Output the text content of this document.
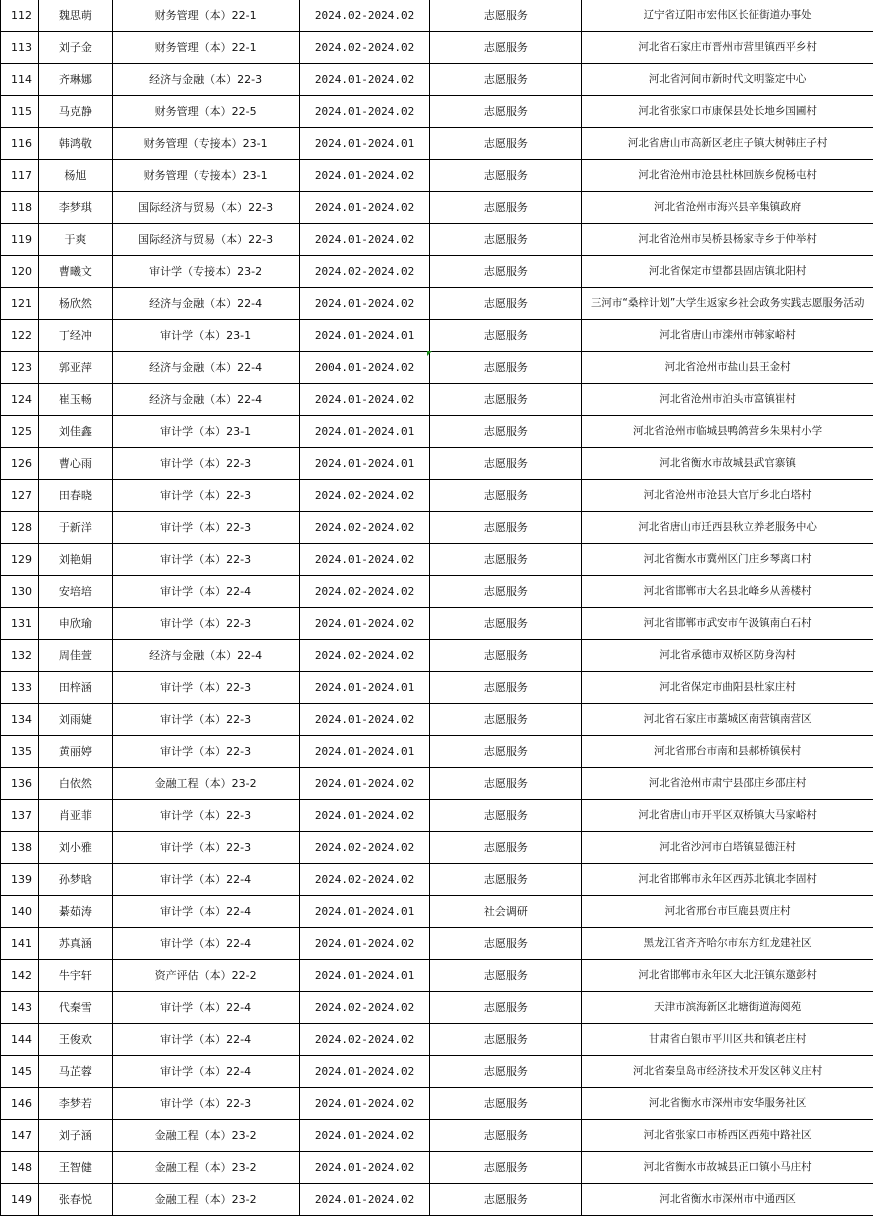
112	魏思萌	财务管理（本）22-1	2024.02-2024.02	志愿服务	辽宁省辽阳市宏伟区长征街道办事处
113	刘子金	财务管理（本）22-1	2024.02-2024.02	志愿服务	河北省石家庄市晋州市营里镇西平乡村
114	齐琳娜	经济与金融（本）22-3	2024.01-2024.02	志愿服务	河北省河间市新时代文明鉴定中心
115	马克静	财务管理（本）22-5	2024.01-2024.02	志愿服务	河北省张家口市康保县处长地乡国圃村
116	韩鸿敬	财务管理（专接本）23-1	2024.01-2024.01	志愿服务	河北省唐山市高新区老庄子镇大树韩庄子村
117	杨旭	财务管理（专接本）23-1	2024.01-2024.02	志愿服务	河北省沧州市沧县杜林回族乡倪杨屯村
118	李梦琪	国际经济与贸易（本）22-3	2024.01-2024.02	志愿服务	河北省沧州市海兴县辛集镇政府
119	于爽	国际经济与贸易（本）22-3	2024.01-2024.02	志愿服务	河北省沧州市吴桥县杨家寺乡于仲举村
120	曹曦文	审计学（专接本）23-2	2024.02-2024.02	志愿服务	河北省保定市望都县固店镇北阳村
121	杨欣然	经济与金融（本）22-4	2024.01-2024.02	志愿服务	三河市“桑梓计划”大学生返家乡社会政务实践志愿服务活动
122	丁经冲	审计学（本）23-1	2024.01-2024.01	志愿服务	河北省唐山市滦州市韩家峪村
123	郭亚萍	经济与金融（本）22-4	2004.01-2024.02	志愿服务	河北省沧州市盐山县王金村
124	崔玉畅	经济与金融（本）22-4	2024.01-2024.02	志愿服务	河北省沧州市泊头市富镇崔村
125	刘佳鑫	审计学（本）23-1	2024.01-2024.01	志愿服务	河北省沧州市临城县鸭鸽营乡朱果村小学
126	曹心雨	审计学（本）22-3	2024.01-2024.01	志愿服务	河北省衡水市故城县武官寨镇
127	田春晓	审计学（本）22-3	2024.02-2024.02	志愿服务	河北省沧州市沧县大官厅乡北白塔村
128	于新洋	审计学（本）22-3	2024.02-2024.02	志愿服务	河北省唐山市迁西县秋立养老服务中心
129	刘艳娟	审计学（本）22-3	2024.01-2024.02	志愿服务	河北省衡水市冀州区门庄乡琴离口村
130	安培培	审计学（本）22-4	2024.02-2024.02	志愿服务	河北省邯郸市大名县北峰乡从善楼村
131	申欣瑜	审计学（本）22-3	2024.01-2024.02	志愿服务	河北省邯郸市武安市午汲镇南白石村
132	周佳萱	经济与金融（本）22-4	2024.02-2024.02	志愿服务	河北省承德市双桥区防身沟村
133	田梓涵	审计学（本）22-3	2024.01-2024.01	志愿服务	河北省保定市曲阳县杜家庄村
134	刘雨婕	审计学（本）22-3	2024.01-2024.02	志愿服务	河北省石家庄市藁城区南营镇南营区
135	黄丽婷	审计学（本）22-3	2024.01-2024.01	志愿服务	河北省邢台市南和县郝桥镇侯村
136	白依然	金融工程（本）23-2	2024.01-2024.02	志愿服务	河北省沧州市肃宁县邵庄乡邵庄村
137	肖亚菲	审计学（本）22-3	2024.01-2024.02	志愿服务	河北省唐山市开平区双桥镇大马家峪村
138	刘小雅	审计学（本）22-3	2024.02-2024.02	志愿服务	河北省沙河市白塔镇显德汪村
139	孙梦晗	审计学（本）22-4	2024.02-2024.02	志愿服务	河北省邯郸市永年区西苏北镇北李固村
140	綦茹涛	审计学（本）22-4	2024.01-2024.01	社会调研	河北省邢台市巨鹿县贾庄村
141	苏真涵	审计学（本）22-4	2024.01-2024.02	志愿服务	黑龙江省齐齐哈尔市东方红龙建社区
142	牛宇轩	资产评估（本）22-2	2024.01-2024.01	志愿服务	河北省邯郸市永年区大北汪镇东邀彭村
143	代秦雪	审计学（本）22-4	2024.02-2024.02	志愿服务	天津市滨海新区北塘街道海阅苑
144	王俊欢	审计学（本）22-4	2024.02-2024.02	志愿服务	甘肃省白银市平川区共和镇老庄村
145	马芷蓉	审计学（本）22-4	2024.01-2024.02	志愿服务	河北省秦皇岛市经济技术开发区韩义庄村
146	李梦若	审计学（本）22-3	2024.01-2024.02	志愿服务	河北省衡水市深州市安华服务社区
147	刘子涵	金融工程（本）23-2	2024.01-2024.02	志愿服务	河北省张家口市桥西区西苑中路社区
148	王智健	金融工程（本）23-2	2024.01-2024.02	志愿服务	河北省衡水市故城县正口镇小马庄村
149	张春悦	金融工程（本）23-2	2024.01-2024.02	志愿服务	河北省衡水市深州市中通西区
